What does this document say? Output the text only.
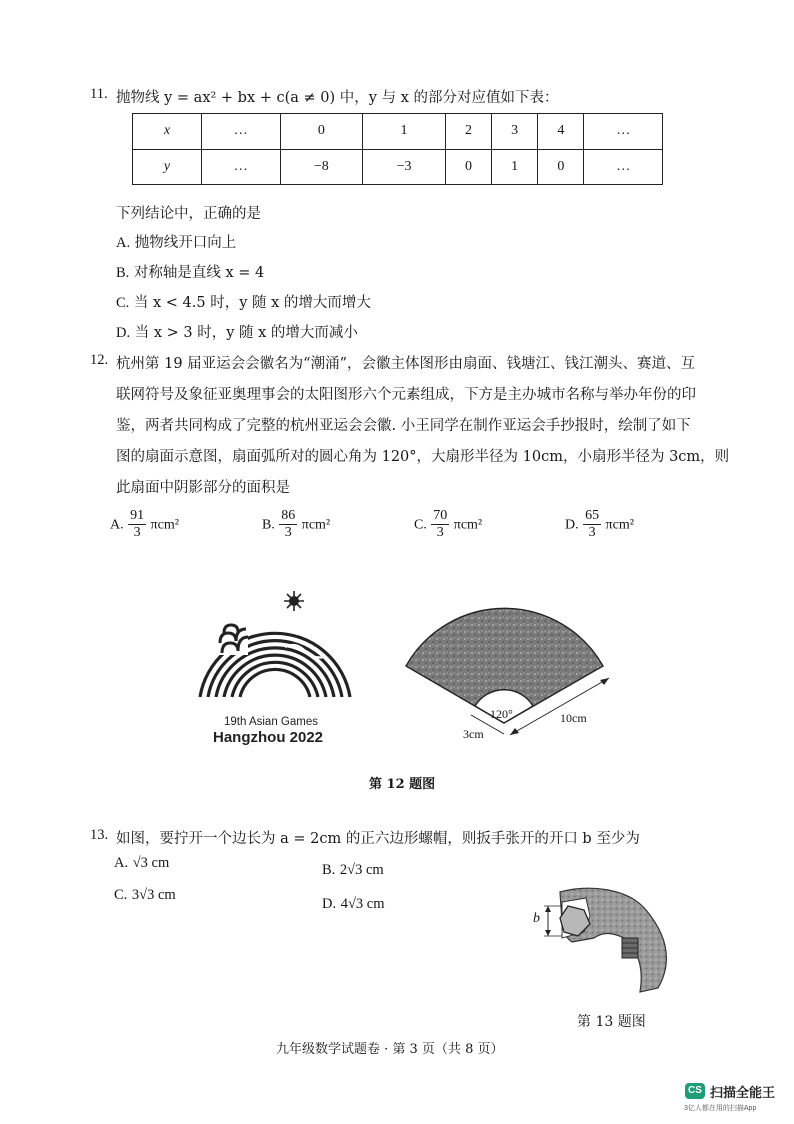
11. 抛物线 y = ax² + bx + c(a ≠ 0) 中，y 与 x 的部分对应值如下表：
x	…	0	1	2	3	4	…
y	…	−8	−3	0	1	0	…
下列结论中，正确的是
A. 抛物线开口向上
B. 对称轴是直线 x = 4
C. 当 x < 4.5 时，y 随 x 的增大而增大
D. 当 x > 3 时，y 随 x 的增大而减小
12. 杭州第 19 届亚运会会徽名为“潮涌”，会徽主体图形由扇面、钱塘江、钱江潮头、赛道、互
联网符号及象征亚奥理事会的太阳图形六个元素组成，下方是主办城市名称与举办年份的印
鉴，两者共同构成了完整的杭州亚运会会徽. 小王同学在制作亚运会手抄报时，绘制了如下
图的扇面示意图，扇面弧所对的圆心角为 120°，大扇形半径为 10cm，小扇形半径为 3cm，则
此扇面中阴影部分的面积是
A. $\frac{91}{3} \pi cm^2$	B. $\frac{86}{3} \pi cm^2$	C. $\frac{70}{3} \pi cm^2$	D. $\frac{65}{3} \pi cm^2$
19th Asian Games
Hangzhou 2022
120°	10cm
3cm
第 12 题图
13. 如图，要拧开一个边长为 a = 2cm 的正六边形螺帽，则扳手张开的开口 b 至少为
A. √3 cm	B. 2√3 cm
C. 3√3 cm
D. 4√3 cm
b
第 13 题图
九年级数学试题卷 · 第 3 页（共 8 页）
CS 扫描全能王
3亿人都在用的扫描App
